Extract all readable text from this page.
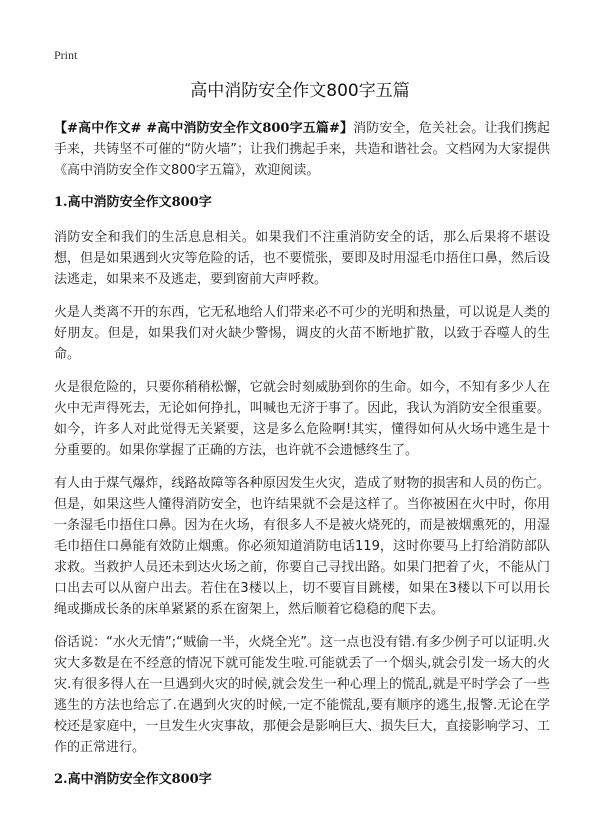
Print
高中消防安全作文800字五篇

【#高中作文# #高中消防安全作文800字五篇#】消防安全，危关社会。让我们携起手来，共铸坚不可催的“防火墙”；让我们携起手来，共造和谐社会。文档网为大家提供《高中消防安全作文800字五篇》，欢迎阅读。

1.高中消防安全作文800字

消防安全和我们的生活息息相关。如果我们不注重消防安全的话，那么后果将不堪设想，但是如果遇到火灾等危险的话，也不要慌张，要即及时用湿毛巾捂住口鼻，然后设法逃走，如果来不及逃走，要到窗前大声呼救。

火是人类离不开的东西，它无私地给人们带来必不可少的光明和热量，可以说是人类的好朋友。但是，如果我们对火缺少警惕，调皮的火苗不断地扩散，以致于吞噬人的生命。

火是很危险的，只要你稍稍松懈，它就会时刻威胁到你的生命。如今，不知有多少人在火中无声得死去，无论如何挣扎，叫喊也无济于事了。因此，我认为消防安全很重要。如今，许多人对此觉得无关紧要，这是多么危险啊!其实，懂得如何从火场中逃生是十分重要的。如果你掌握了正确的方法，也许就不会遗憾终生了。

有人由于煤气爆炸，线路故障等各种原因发生火灾，造成了财物的损害和人员的伤亡。但是，如果这些人懂得消防安全，也许结果就不会是这样了。当你被困在火中时，你用一条湿毛巾捂住口鼻。因为在火场，有很多人不是被火烧死的，而是被烟熏死的，用湿毛巾捂住口鼻能有效防止烟熏。你必须知道消防电话119，这时你要马上打给消防部队求救。当救护人员还未到达火场之前，你要自己寻找出路。如果门把着了火，不能从门口出去可以从窗户出去。若住在3楼以上，切不要盲目跳楼，如果在3楼以下可以用长绳或撕成长条的床单紧紧的系在窗架上，然后顺着它稳稳的爬下去。

俗话说：“水火无情”;“贼偷一半，火烧全光”。这一点也没有错.有多少例子可以证明.火灾大多数是在不经意的情况下就可能发生啦.可能就丢了一个烟头,就会引发一场大的火灾.有很多得人在一旦遇到火灾的时候,就会发生一种心理上的慌乱,就是平时学会了一些逃生的方法也给忘了.在遇到火灾的时候,一定不能慌乱,要有顺序的逃生,报警.无论在学校还是家庭中，一旦发生火灾事故，那便会是影响巨大、损失巨大，直接影响学习、工作的正常进行。

2.高中消防安全作文800字
